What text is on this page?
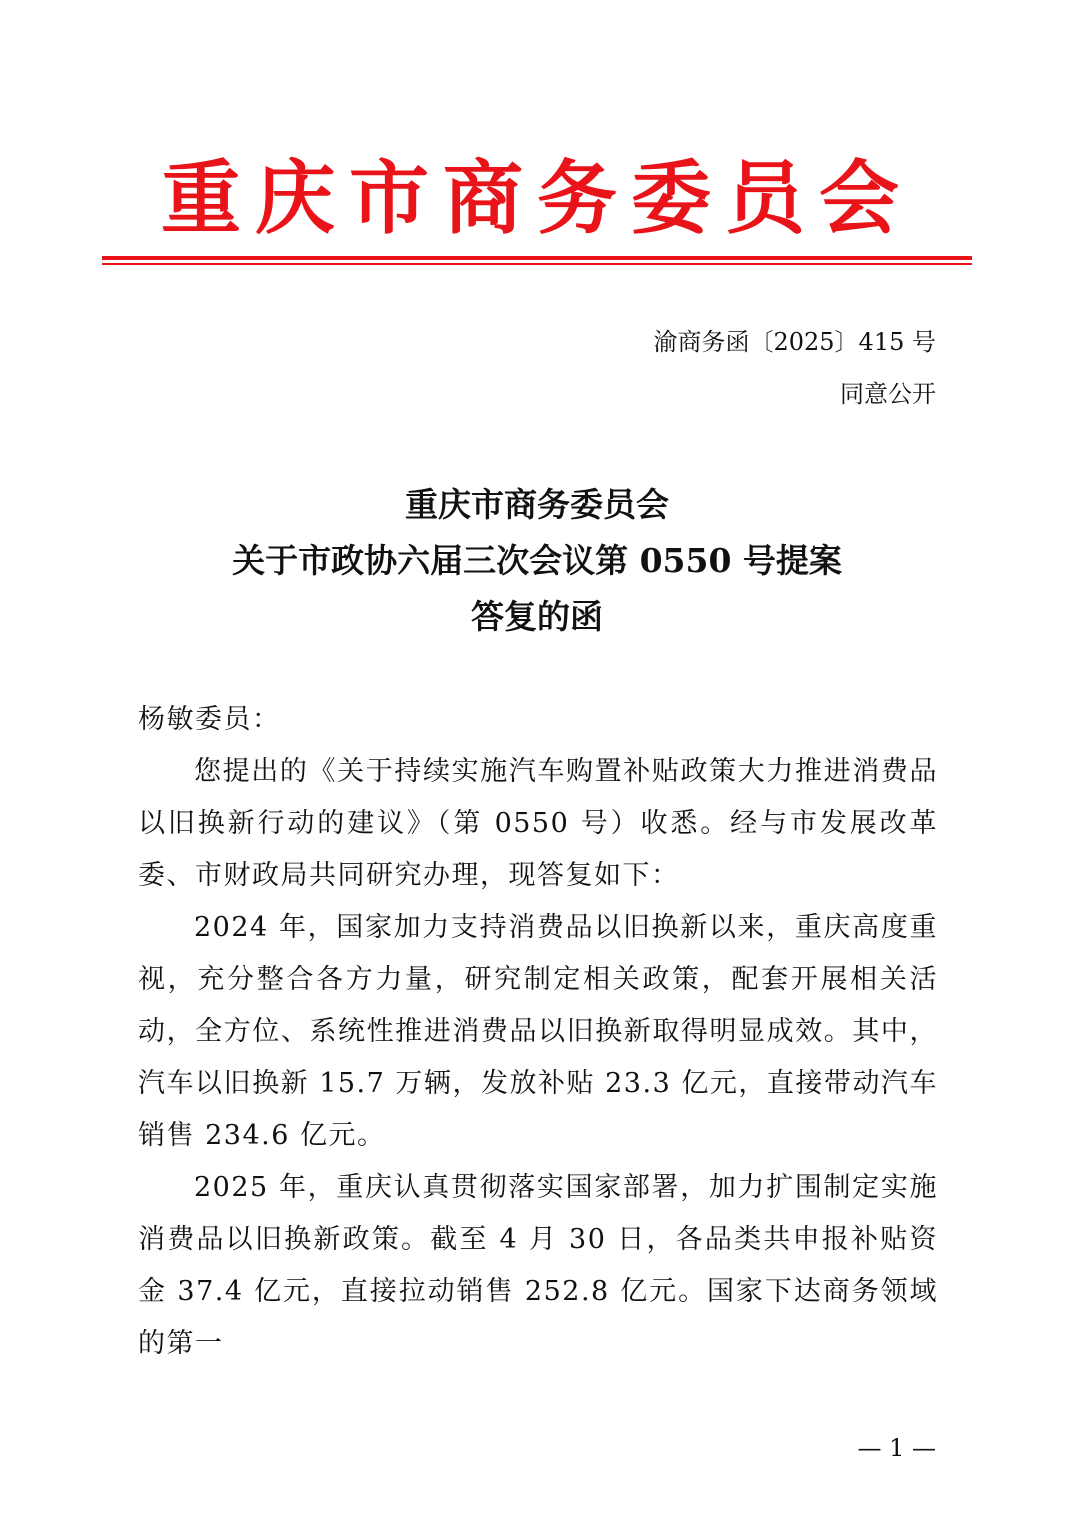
重庆市商务委员会
渝商务函〔2025〕415 号
同意公开
重庆市商务委员会
关于市政协六届三次会议第 0550 号提案
答复的函

杨敏委员：

您提出的《关于持续实施汽车购置补贴政策大力推进消费品以旧换新行动的建议》（第 0550 号）收悉。经与市发展改革委、市财政局共同研究办理，现答复如下：

2024 年，国家加力支持消费品以旧换新以来，重庆高度重视，充分整合各方力量，研究制定相关政策，配套开展相关活动，全方位、系统性推进消费品以旧换新取得明显成效。其中，汽车以旧换新 15.7 万辆，发放补贴 23.3 亿元，直接带动汽车销售 234.6 亿元。

2025 年，重庆认真贯彻落实国家部署，加力扩围制定实施消费品以旧换新政策。截至 4 月 30 日，各品类共申报补贴资金 37.4 亿元，直接拉动销售 252.8 亿元。国家下达商务领域的第一

— 1 —
